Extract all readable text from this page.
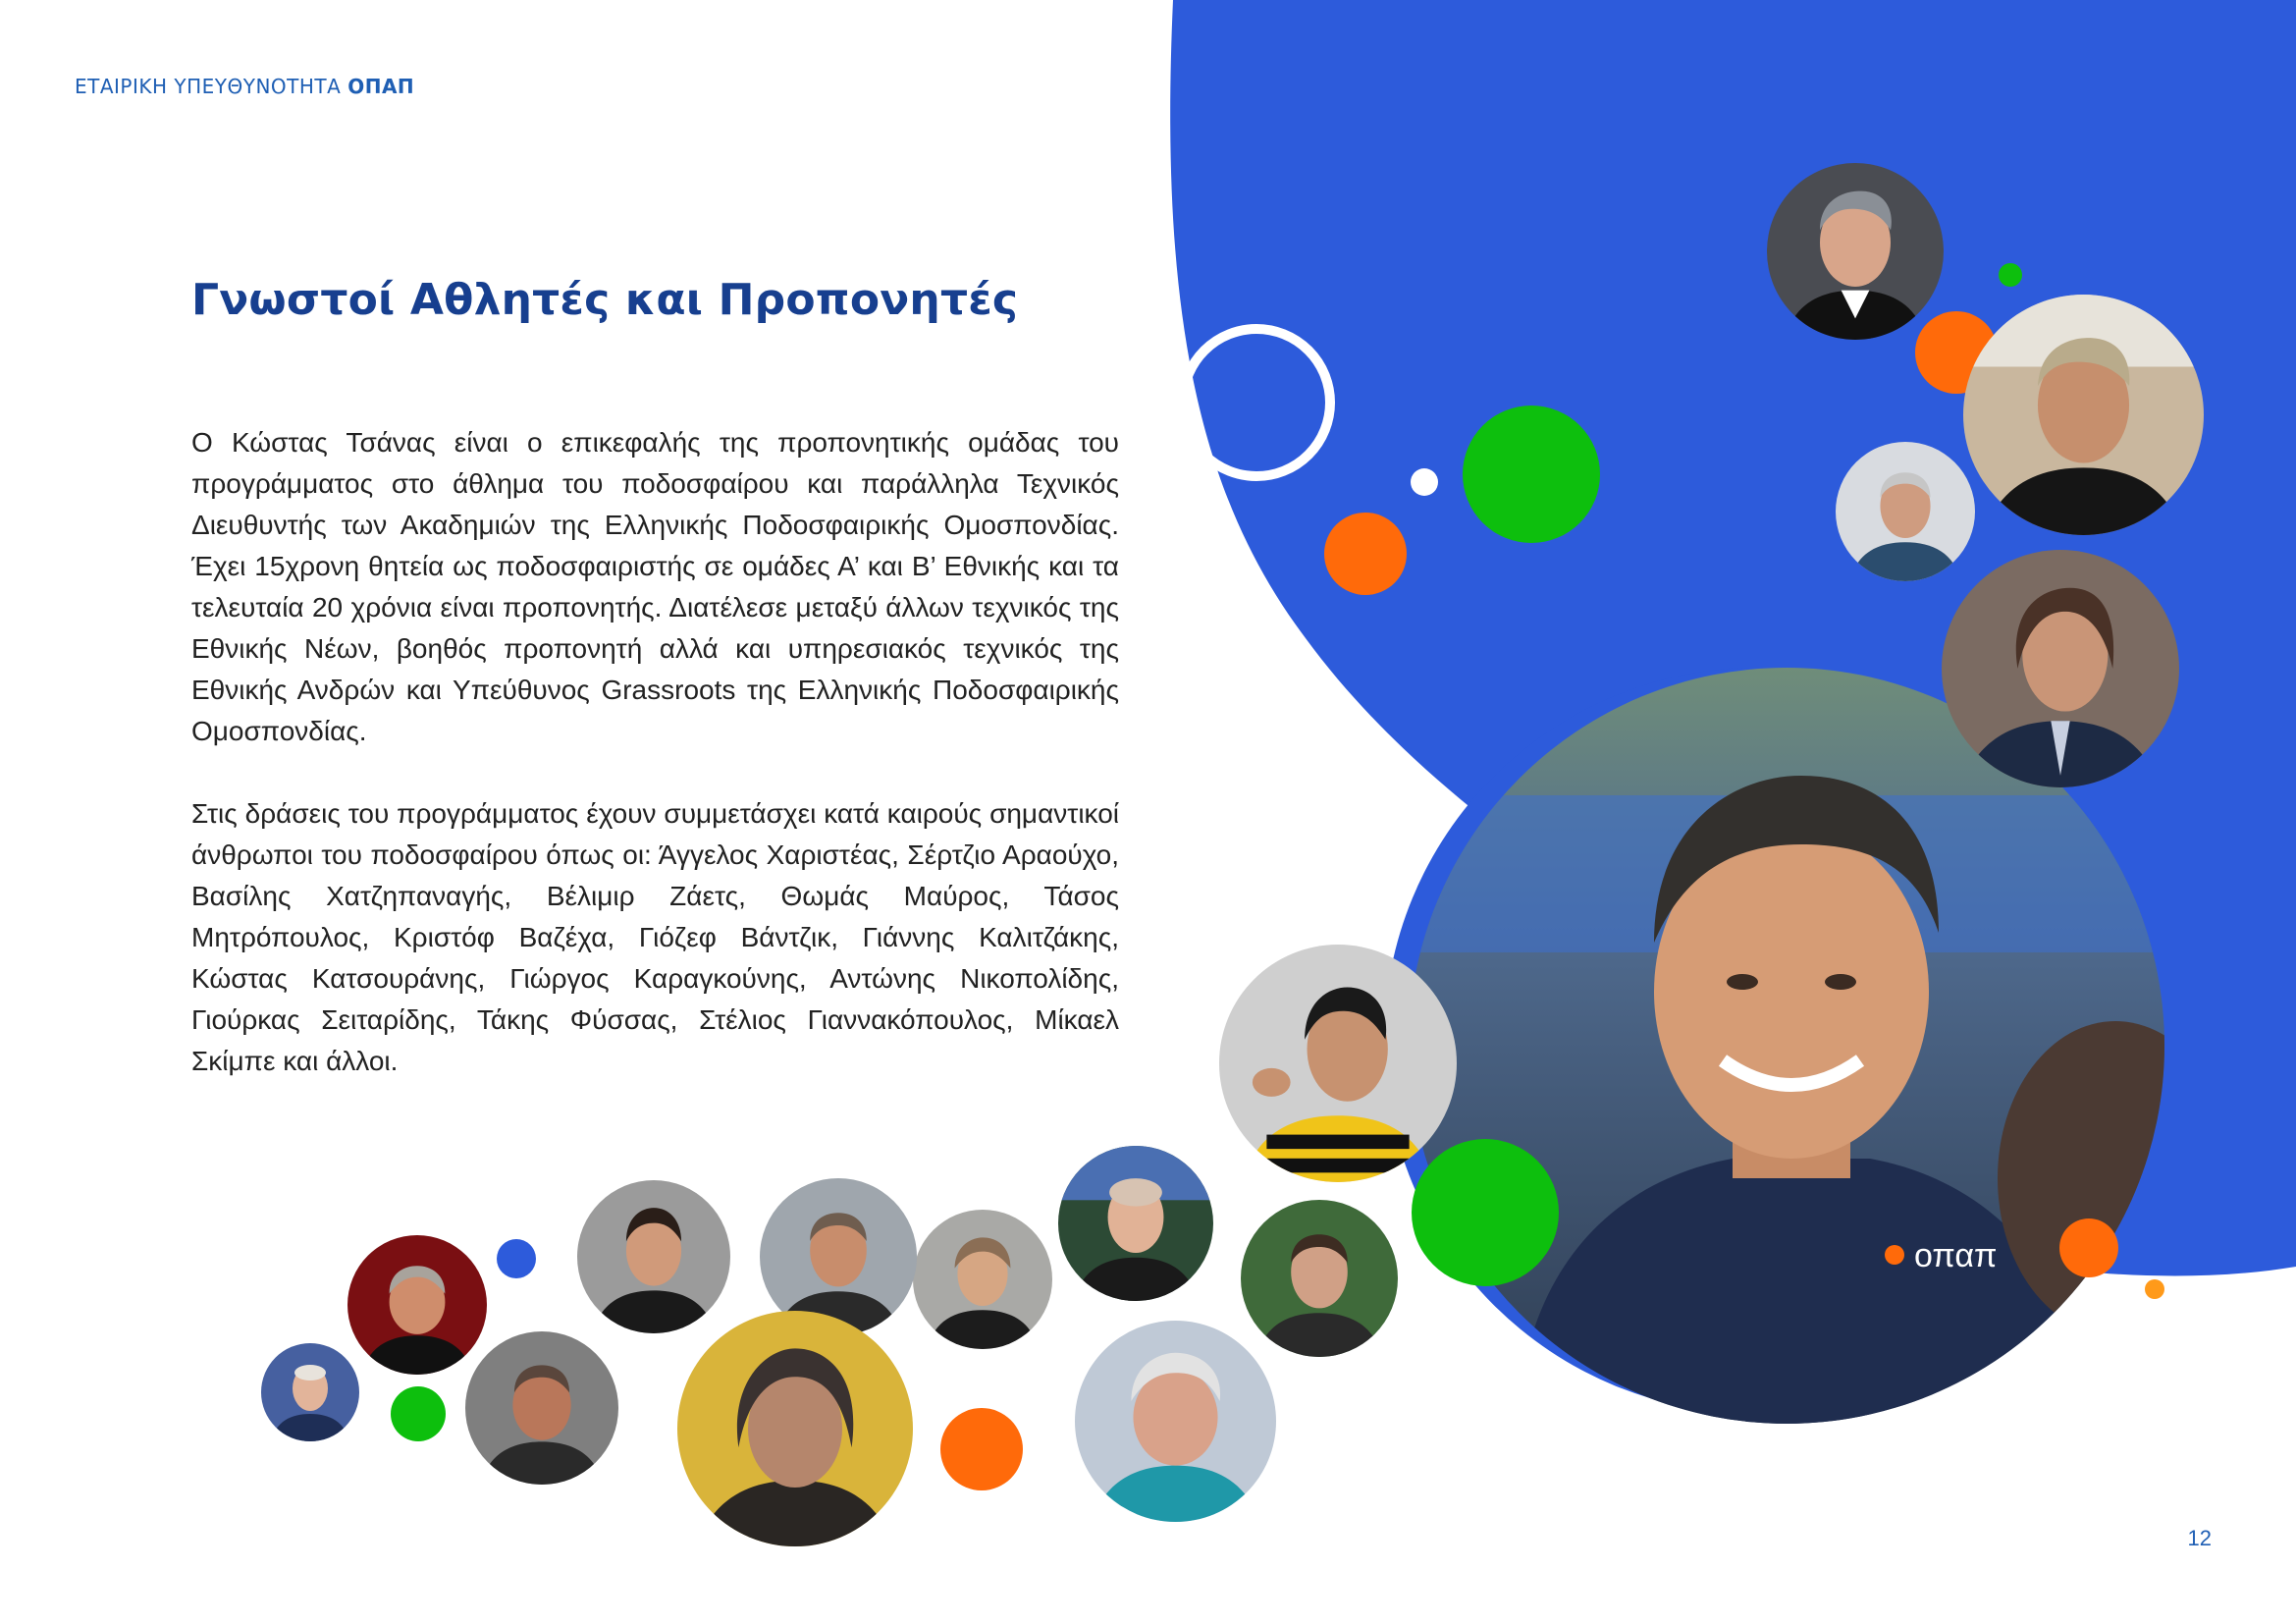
ΕΤΑΙΡΙΚΗ ΥΠΕΥΘΥΝΟΤΗΤΑ ΟΠΑΠ
Γνωστοί Αθλητές και Προπονητές
Ο Κώστας Τσάνας είναι ο επικεφαλής της προπονητικής ομάδας του προγράμματος στο άθλημα του ποδοσφαίρου και παράλληλα Τεχνικός Διευθυντής των Ακαδημιών της Ελληνικής Ποδοσφαιρικής Ομοσπονδίας. Έχει 15χρονη θητεία ως ποδοσφαιριστής σε ομάδες Α’ και Β’ Εθνικής και τα τελευταία 20 χρόνια είναι προπονητής. Διατέλεσε μεταξύ άλλων τεχνικός της Εθνικής Νέων, βοηθός προπονητή αλλά και υπηρεσιακός τεχνικός της Εθνικής Ανδρών και Υπεύθυνος Grassroots της Ελληνικής Ποδοσφαιρικής Ομοσπονδίας.
Στις δράσεις του προγράμματος έχουν συμμετάσχει κατά καιρούς σημαντικοί άνθρωποι του ποδοσφαίρου όπως οι: Άγγελος Χαριστέας, Σέρτζιο Αραούχο, Βασίλης Χατζηπαναγής, Βέλιμιρ Ζάετς, Θωμάς Μαύρος, Τάσος Μητρόπουλος, Κριστόφ Βαζέχα, Γιόζεφ Βάντζικ, Γιάννης Καλιτζάκης, Κώστας Κατσουράνης, Γιώργος Καραγκούνης, Αντώνης Νικοπολίδης, Γιούρκας Σειταρίδης, Τάκης Φύσσας, Στέλιος Γιαννακόπουλος, Μίκαελ Σκίμπε και άλλοι.
οπαπ
12
